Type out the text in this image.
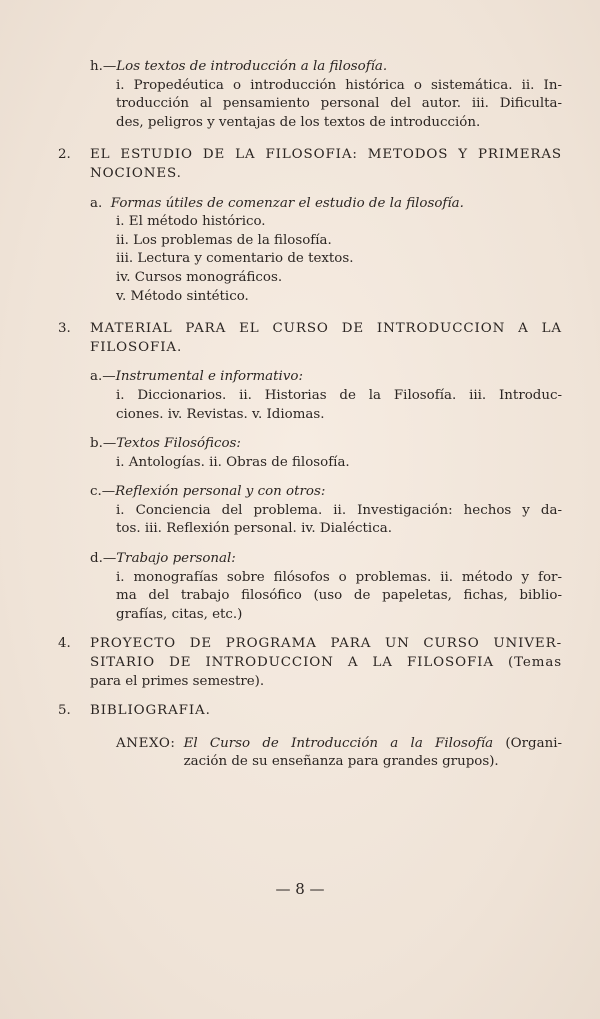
h.—Los textos de introducción a la filosofía.
i. Propedéutica o introducción histórica o sistemática. ii. In-
troducción al pensamiento personal del autor. iii. Dificulta-
des, peligros y ventajas de los textos de introducción.
2.	EL ESTUDIO DE LA FILOSOFIA: METODOS Y PRIMERAS
NOCIONES.
a. Formas útiles de comenzar el estudio de la filosofía.
i. El método histórico.
ii. Los problemas de la filosofía.
iii. Lectura y comentario de textos.
iv. Cursos monográficos.
v. Método sintético.
3.	MATERIAL PARA EL CURSO DE INTRODUCCION A LA
FILOSOFIA.
a.—Instrumental e informativo:
i. Diccionarios. ii. Historias de la Filosofía. iii. Introduc-
ciones. iv. Revistas. v. Idiomas.
b.—Textos Filosóficos:
i. Antologías. ii. Obras de filosofía.
c.—Reflexión personal y con otros:
i. Conciencia del problema. ii. Investigación: hechos y da-
tos. iii. Reflexión personal. iv. Dialéctica.
d.—Trabajo personal:
i. monografías sobre filósofos o problemas. ii. método y for-
ma del trabajo filosófico (uso de papeletas, fichas, biblio-
grafías, citas, etc.)
4.	PROYECTO DE PROGRAMA PARA UN CURSO UNIVER-
SITARIO DE INTRODUCCION A LA FILOSOFIA (Temas
para el primes semestre).
5.	BIBLIOGRAFIA.
ANEXO: El Curso de Introducción a la Filosofía (Organi-
zación de su enseñanza para grandes grupos).
— 8 —
